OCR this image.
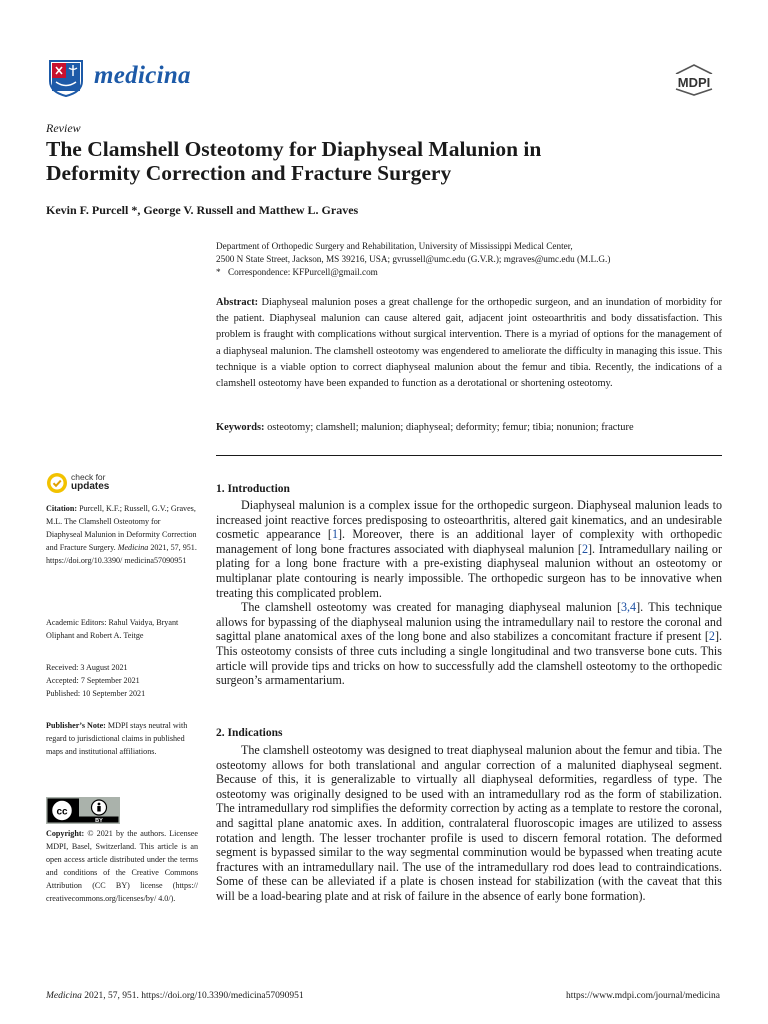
medicina	MDPI
Review
The Clamshell Osteotomy for Diaphyseal Malunion in
Deformity Correction and Fracture Surgery
Kevin F. Purcell *, George V. Russell and Matthew L. Graves
Department of Orthopedic Surgery and Rehabilitation, University of Mississippi Medical Center,
2500 N State Street, Jackson, MS 39216, USA; gvrussell@umc.edu (G.V.R.); mgraves@umc.edu (M.L.G.)
* Correspondence: KFPurcell@gmail.com
Abstract: Diaphyseal malunion poses a great challenge for the orthopedic surgeon, and an inundation of morbidity for the patient. Diaphyseal malunion can cause altered gait, adjacent joint osteoarthritis and body dissatisfaction. This problem is fraught with complications without surgical intervention. There is a myriad of options for the management of a diaphyseal malunion. The clamshell osteotomy was engendered to ameliorate the difficulty in managing this issue. This technique is a viable option to correct diaphyseal malunion about the femur and tibia. Recently, the indications of a clamshell osteotomy have been expanded to function as a derotational or shortening osteotomy.
Keywords: osteotomy; clamshell; malunion; diaphyseal; deformity; femur; tibia; nonunion; fracture
check for
updates
Citation: Purcell, K.F.; Russell, G.V.; Graves, M.L. The Clamshell Osteotomy for Diaphyseal Malunion in Deformity Correction and Fracture Surgery. Medicina 2021, 57, 951. https://doi.org/10.3390/ medicina57090951
Academic Editors: Rahul Vaidya, Bryant Oliphant and Robert A. Teitge
Received: 3 August 2021
Accepted: 7 September 2021
Published: 10 September 2021
Publisher’s Note: MDPI stays neutral with regard to jurisdictional claims in published maps and institutional affiliations.
cc
BY
Copyright: © 2021 by the authors. Licensee MDPI, Basel, Switzerland. This article is an open access article distributed under the terms and conditions of the Creative Commons Attribution (CC BY) license (https:// creativecommons.org/licenses/by/ 4.0/).
1. Introduction

Diaphyseal malunion is a complex issue for the orthopedic surgeon. Diaphyseal malunion leads to increased joint reactive forces predisposing to osteoarthritis, altered gait kinematics, and an undesirable cosmetic appearance [1]. Moreover, there is an additional layer of complexity with orthopedic management of long bone fractures associated with diaphyseal malunion [2]. Intramedullary nailing or plating for a long bone fracture with a pre-existing diaphyseal malunion without an osteotomy or multiplanar plate contouring is nearly impossible. The orthopedic surgeon has to be innovative when treating this complicated problem.

The clamshell osteotomy was created for managing diaphyseal malunion [3,4]. This technique allows for bypassing of the diaphyseal malunion using the intramedullary nail to restore the coronal and sagittal plane anatomical axes of the long bone and also stabilizes a concomitant fracture if present [2]. This osteotomy consists of three cuts including a single longitudinal and two transverse bone cuts. This article will provide tips and tricks on how to successfully add the clamshell osteotomy to the orthopedic surgeon’s armamentarium.

2. Indications

The clamshell osteotomy was designed to treat diaphyseal malunion about the femur and tibia. The osteotomy allows for both translational and angular correction of a malunited diaphyseal segment. Because of this, it is generalizable to virtually all diaphyseal deformities, regardless of type. The osteotomy was originally designed to be used with an intramedullary rod as the form of stabilization. The intramedullary rod simplifies the deformity correction by acting as a template to restore the coronal, and sagittal plane anatomic axes. In addition, contralateral fluoroscopic images are utilized to assess rotation and length. The lesser trochanter profile is used to discern femoral rotation. The deformed segment is bypassed similar to the way segmental comminution would be bypassed when treating acute fractures with an intramedullary nail. The use of the intramedullary rod does lead to contraindications. Some of these can be alleviated if a plate is chosen instead for stabilization (with the caveat that this will be a load-bearing plate and at risk of failure in the absence of early bone formation).

Medicina 2021, 57, 951. https://doi.org/10.3390/medicina57090951	https://www.mdpi.com/journal/medicina
